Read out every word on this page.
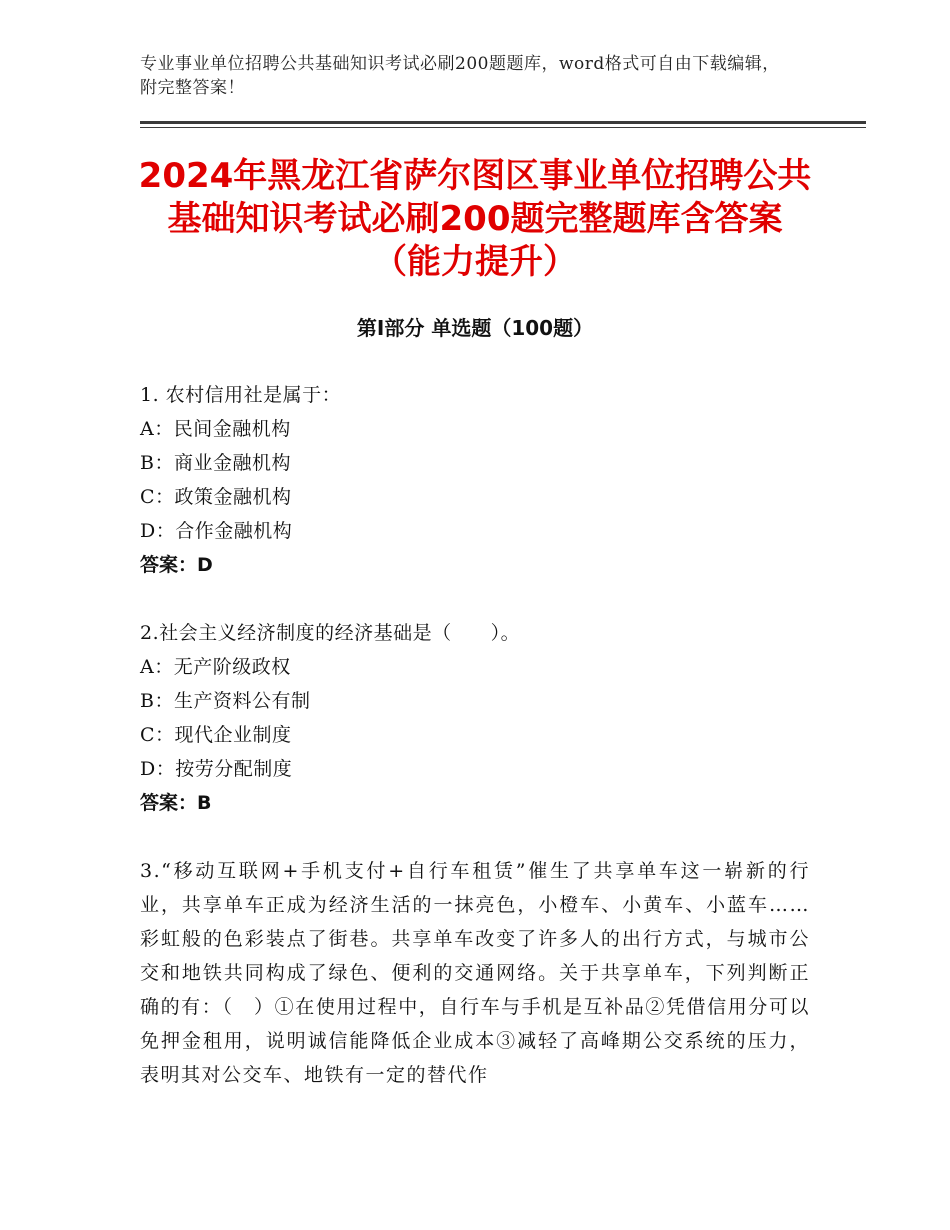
专业事业单位招聘公共基础知识考试必刷200题题库，word格式可自由下载编辑，附完整答案！
2024年黑龙江省萨尔图区事业单位招聘公共
基础知识考试必刷200题完整题库含答案
（能力提升）
第Ⅰ部分 单选题（100题）
1. 农村信用社是属于：
A：民间金融机构
B：商业金融机构
C：政策金融机构
D：合作金融机构
答案：D
2.社会主义经济制度的经济基础是（　　）。
A：无产阶级政权
B：生产资料公有制
C：现代企业制度
D：按劳分配制度
答案：B

3.“移动互联网+手机支付+自行车租赁”催生了共享单车这一崭新的行业，共享单车正成为经济生活的一抹亮色，小橙车、小黄车、小蓝车……彩虹般的色彩装点了街巷。共享单车改变了许多人的出行方式，与城市公交和地铁共同构成了绿色、便利的交通网络。关于共享单车，下列判断正确的有：（　）①在使用过程中，自行车与手机是互补品②凭借信用分可以免押金租用，说明诚信能降低企业成本③减轻了高峰期公交系统的压力，表明其对公交车、地铁有一定的替代作
